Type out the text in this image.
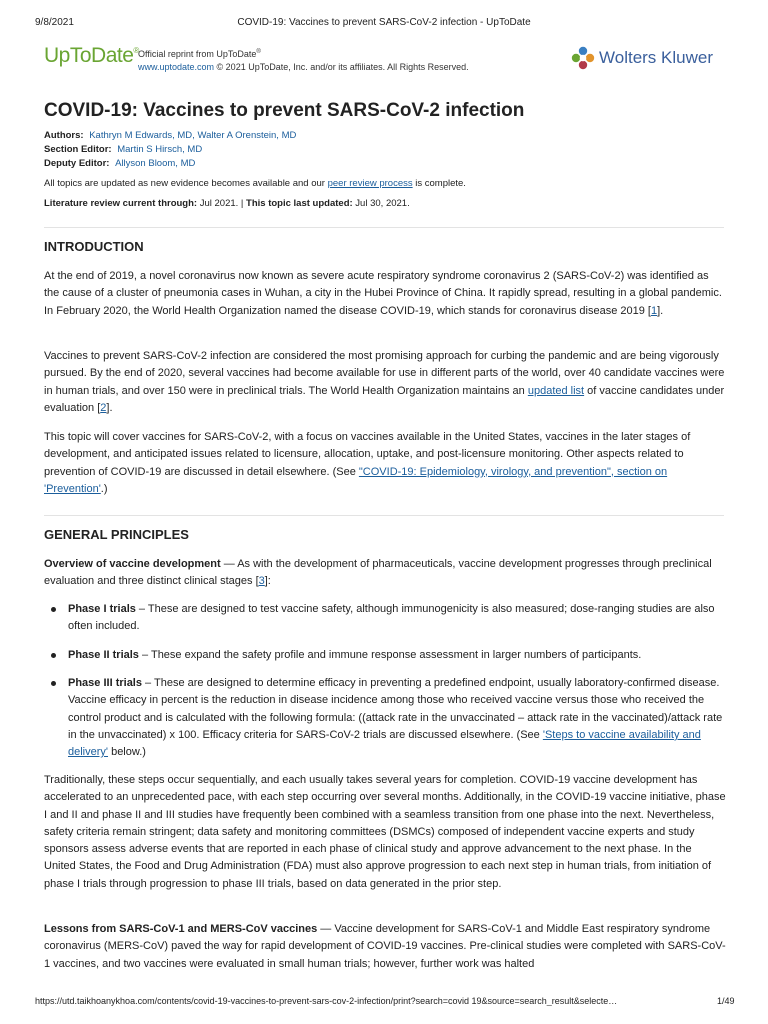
9/8/2021	COVID-19: Vaccines to prevent SARS-CoV-2 infection - UpToDate
UpToDate® Official reprint from UpToDate®
www.uptodate.com © 2021 UpToDate, Inc. and/or its affiliates. All Rights Reserved.	Wolters Kluwer
COVID-19: Vaccines to prevent SARS-CoV-2 infection
Authors: Kathryn M Edwards, MD, Walter A Orenstein, MD
Section Editor: Martin S Hirsch, MD
Deputy Editor: Allyson Bloom, MD
All topics are updated as new evidence becomes available and our peer review process is complete.
Literature review current through: Jul 2021. | This topic last updated: Jul 30, 2021.
INTRODUCTION

At the end of 2019, a novel coronavirus now known as severe acute respiratory syndrome coronavirus 2 (SARS-CoV-2) was identified as the cause of a cluster of pneumonia cases in Wuhan, a city in the Hubei Province of China. It rapidly spread, resulting in a global pandemic. In February 2020, the World Health Organization named the disease COVID-19, which stands for coronavirus disease 2019 [1].

Vaccines to prevent SARS-CoV-2 infection are considered the most promising approach for curbing the pandemic and are being vigorously pursued. By the end of 2020, several vaccines had become available for use in different parts of the world, over 40 candidate vaccines were in human trials, and over 150 were in preclinical trials. The World Health Organization maintains an updated list of vaccine candidates under evaluation [2].

This topic will cover vaccines for SARS-CoV-2, with a focus on vaccines available in the United States, vaccines in the later stages of development, and anticipated issues related to licensure, allocation, uptake, and post-licensure monitoring. Other aspects related to prevention of COVID-19 are discussed in detail elsewhere. (See "COVID-19: Epidemiology, virology, and prevention", section on 'Prevention'.)

GENERAL PRINCIPLES

Overview of vaccine development — As with the development of pharmaceuticals, vaccine development progresses through preclinical evaluation and three distinct clinical stages [3]:

Phase I trials – These are designed to test vaccine safety, although immunogenicity is also measured; dose-ranging studies are also often included.

Phase II trials – These expand the safety profile and immune response assessment in larger numbers of participants.

Phase III trials – These are designed to determine efficacy in preventing a predefined endpoint, usually laboratory-confirmed disease. Vaccine efficacy in percent is the reduction in disease incidence among those who received vaccine versus those who received the control product and is calculated with the following formula: ((attack rate in the unvaccinated – attack rate in the vaccinated)/attack rate in the unvaccinated) x 100. Efficacy criteria for SARS-CoV-2 trials are discussed elsewhere. (See 'Steps to vaccine availability and delivery' below.)

Traditionally, these steps occur sequentially, and each usually takes several years for completion. COVID-19 vaccine development has accelerated to an unprecedented pace, with each step occurring over several months. Additionally, in the COVID-19 vaccine initiative, phase I and II and phase II and III studies have frequently been combined with a seamless transition from one phase into the next. Nevertheless, safety criteria remain stringent; data safety and monitoring committees (DSMCs) composed of independent vaccine experts and study sponsors assess adverse events that are reported in each phase of clinical study and approve advancement to the next phase. In the United States, the Food and Drug Administration (FDA) must also approve progression to each next step in human trials, from initiation of phase I trials through progression to phase III trials, based on data generated in the prior step.

Lessons from SARS-CoV-1 and MERS-CoV vaccines — Vaccine development for SARS-CoV-1 and Middle East respiratory syndrome coronavirus (MERS-CoV) paved the way for rapid development of COVID-19 vaccines. Pre-clinical studies were completed with SARS-CoV-1 vaccines, and two vaccines were evaluated in small human trials; however, further work was halted

https://utd.taikhoanykhoa.com/contents/covid-19-vaccines-to-prevent-sars-cov-2-infection/print?search=covid 19&source=search_result&selecte…	1/49
